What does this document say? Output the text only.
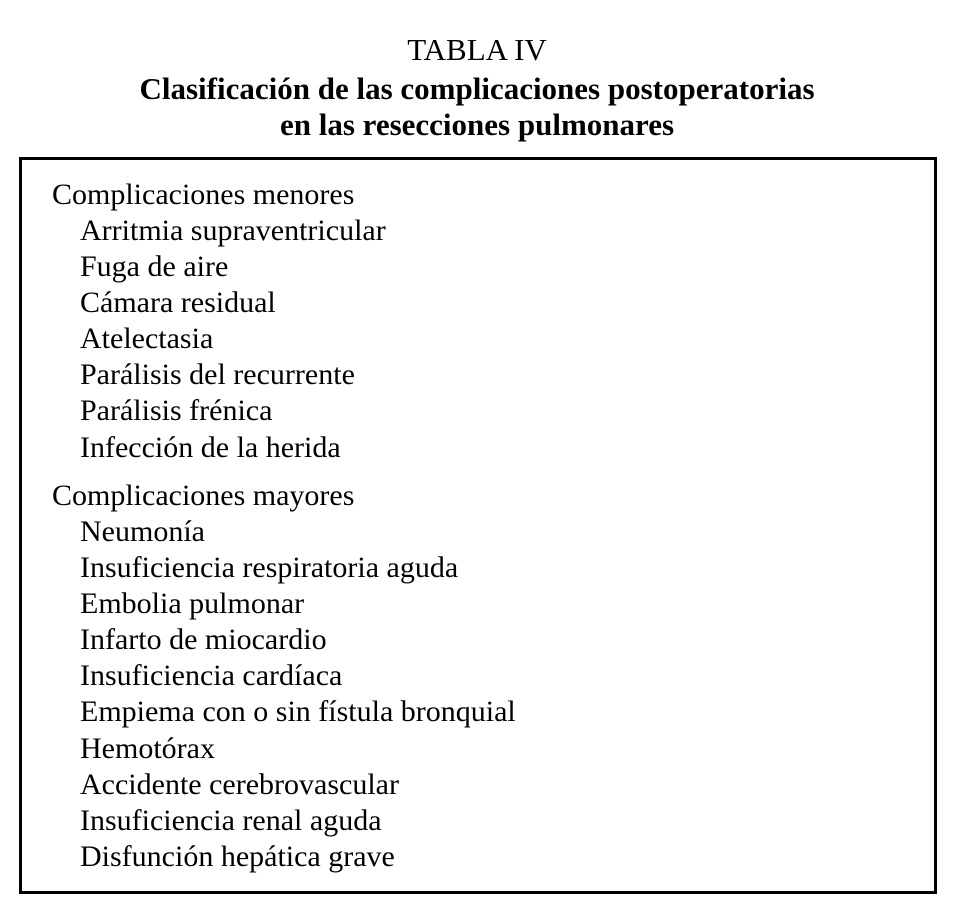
TABLA IV
Clasificación de las complicaciones postoperatorias
en las resecciones pulmonares
Complicaciones menores
Arritmia supraventricular
Fuga de aire
Cámara residual
Atelectasia
Parálisis del recurrente
Parálisis frénica
Infección de la herida
Complicaciones mayores
Neumonía
Insuficiencia respiratoria aguda
Embolia pulmonar
Infarto de miocardio
Insuficiencia cardíaca
Empiema con o sin fístula bronquial
Hemotórax
Accidente cerebrovascular
Insuficiencia renal aguda
Disfunción hepática grave
